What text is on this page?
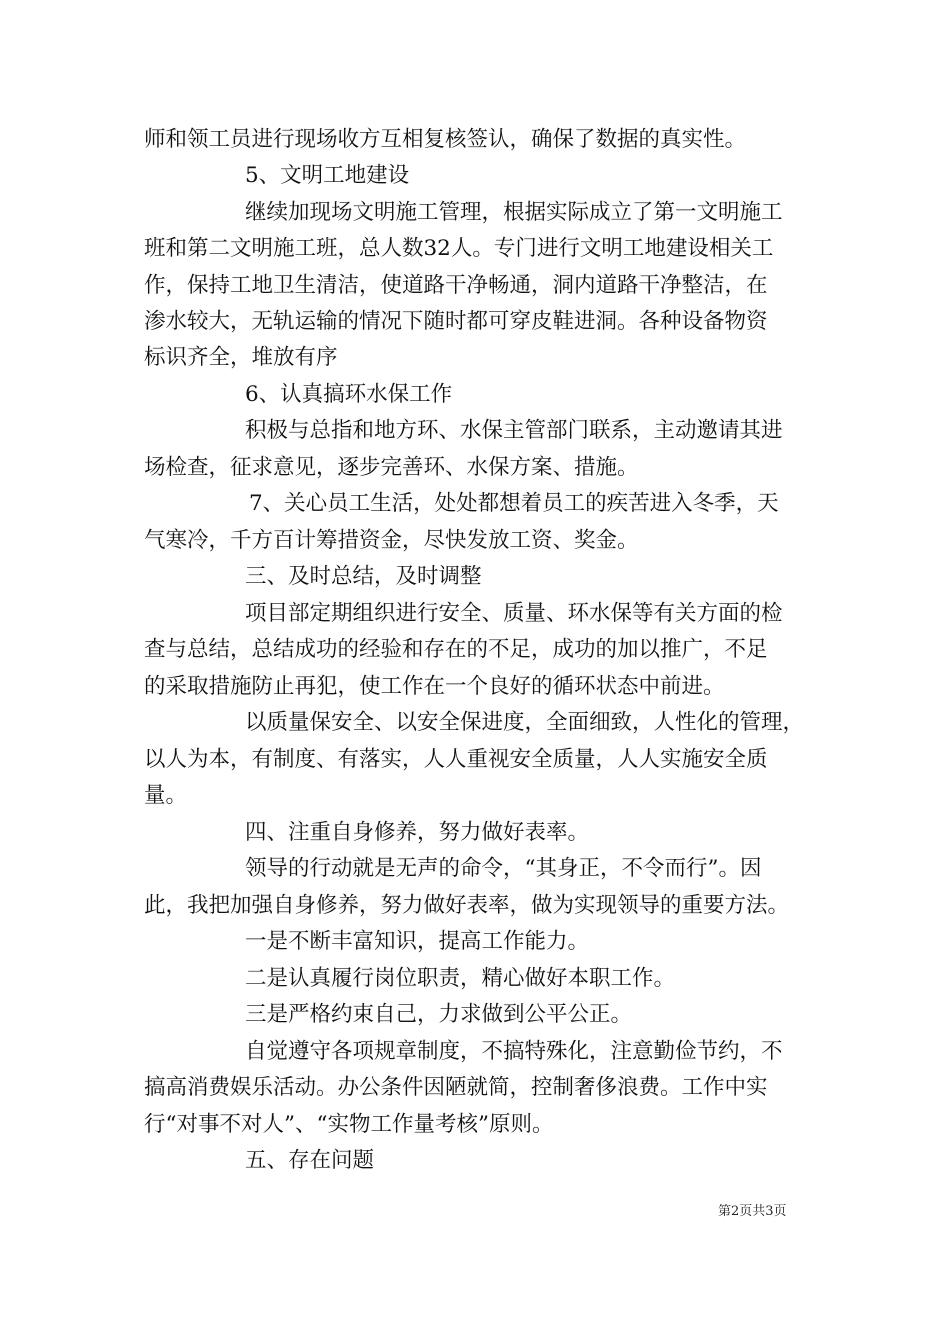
师和领工员进行现场收方互相复核签认，确保了数据的真实性。
5、文明工地建设
继续加现场文明施工管理，根据实际成立了第一文明施工
班和第二文明施工班，总人数32人。专门进行文明工地建设相关工
作，保持工地卫生清洁，使道路干净畅通，洞内道路干净整洁，在
渗水较大，无轨运输的情况下随时都可穿皮鞋进洞。各种设备物资
标识齐全，堆放有序
6、认真搞环水保工作
积极与总指和地方环、水保主管部门联系，主动邀请其进
场检查，征求意见，逐步完善环、水保方案、措施。
7、关心员工生活，处处都想着员工的疾苦进入冬季，天
气寒冷，千方百计筹措资金，尽快发放工资、奖金。
三、及时总结，及时调整
项目部定期组织进行安全、质量、环水保等有关方面的检
查与总结，总结成功的经验和存在的不足，成功的加以推广，不足
的采取措施防止再犯，使工作在一个良好的循环状态中前进。
以质量保安全、以安全保进度，全面细致，人性化的管理，
以人为本，有制度、有落实，人人重视安全质量，人人实施安全质
量。
四、注重自身修养，努力做好表率。
领导的行动就是无声的命令，“其身正，不令而行”。因
此，我把加强自身修养，努力做好表率，做为实现领导的重要方法。
一是不断丰富知识，提高工作能力。
二是认真履行岗位职责，精心做好本职工作。
三是严格约束自己，力求做到公平公正。
自觉遵守各项规章制度，不搞特殊化，注意勤俭节约，不
搞高消费娱乐活动。办公条件因陋就简，控制奢侈浪费。工作中实
行“对事不对人”、“实物工作量考核”原则。
五、存在问题
第2页共3页
